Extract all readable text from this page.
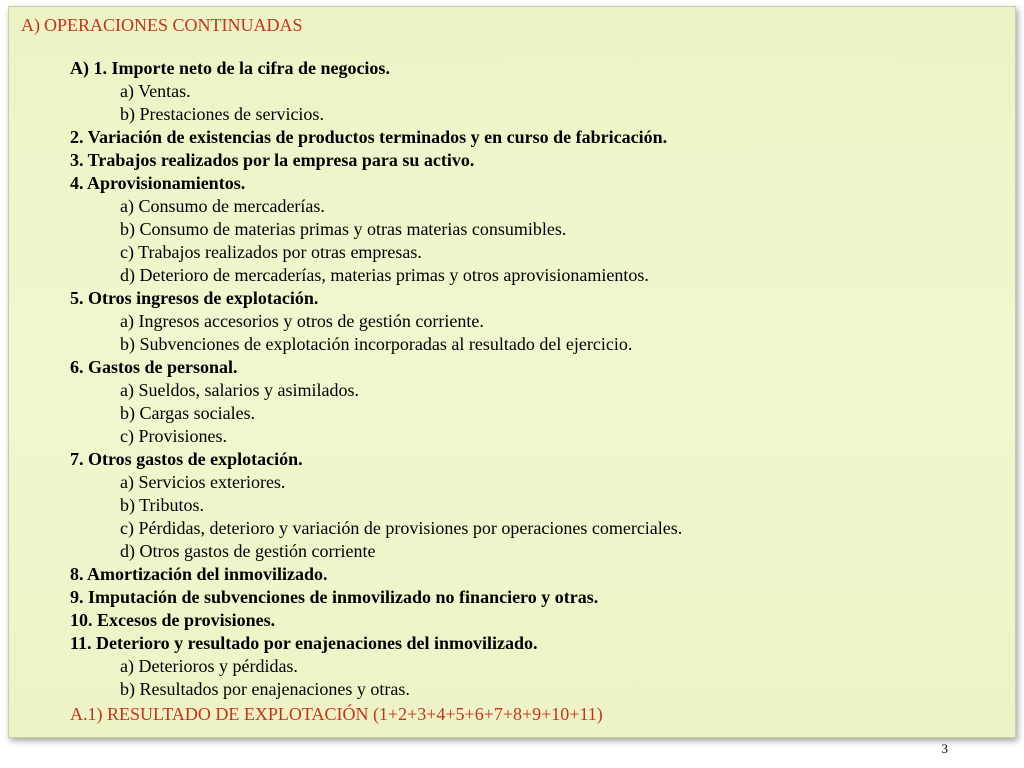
A) OPERACIONES CONTINUADAS
A) 1. Importe neto de la cifra de negocios.
a) Ventas.
b) Prestaciones de servicios.
2. Variación de existencias de productos terminados y en curso de fabricación.
3. Trabajos realizados por la empresa para su activo.
4. Aprovisionamientos.
a) Consumo de mercaderías.
b) Consumo de materias primas y otras materias consumibles.
c) Trabajos realizados por otras empresas.
d) Deterioro de mercaderías, materias primas y otros aprovisionamientos.
5. Otros ingresos de explotación.
a) Ingresos accesorios y otros de gestión corriente.
b) Subvenciones de explotación incorporadas al resultado del ejercicio.
6. Gastos de personal.
a) Sueldos, salarios y asimilados.
b) Cargas sociales.
c) Provisiones.
7. Otros gastos de explotación.
a) Servicios exteriores.
b) Tributos.
c) Pérdidas, deterioro y variación de provisiones por operaciones comerciales.
d) Otros gastos de gestión corriente
8. Amortización del inmovilizado.
9. Imputación de subvenciones de inmovilizado no financiero y otras.
10. Excesos de provisiones.
11. Deterioro y resultado por enajenaciones del inmovilizado.
a) Deterioros y pérdidas.
b) Resultados por enajenaciones y otras.
A.1) RESULTADO DE EXPLOTACIÓN (1+2+3+4+5+6+7+8+9+10+11)
3
